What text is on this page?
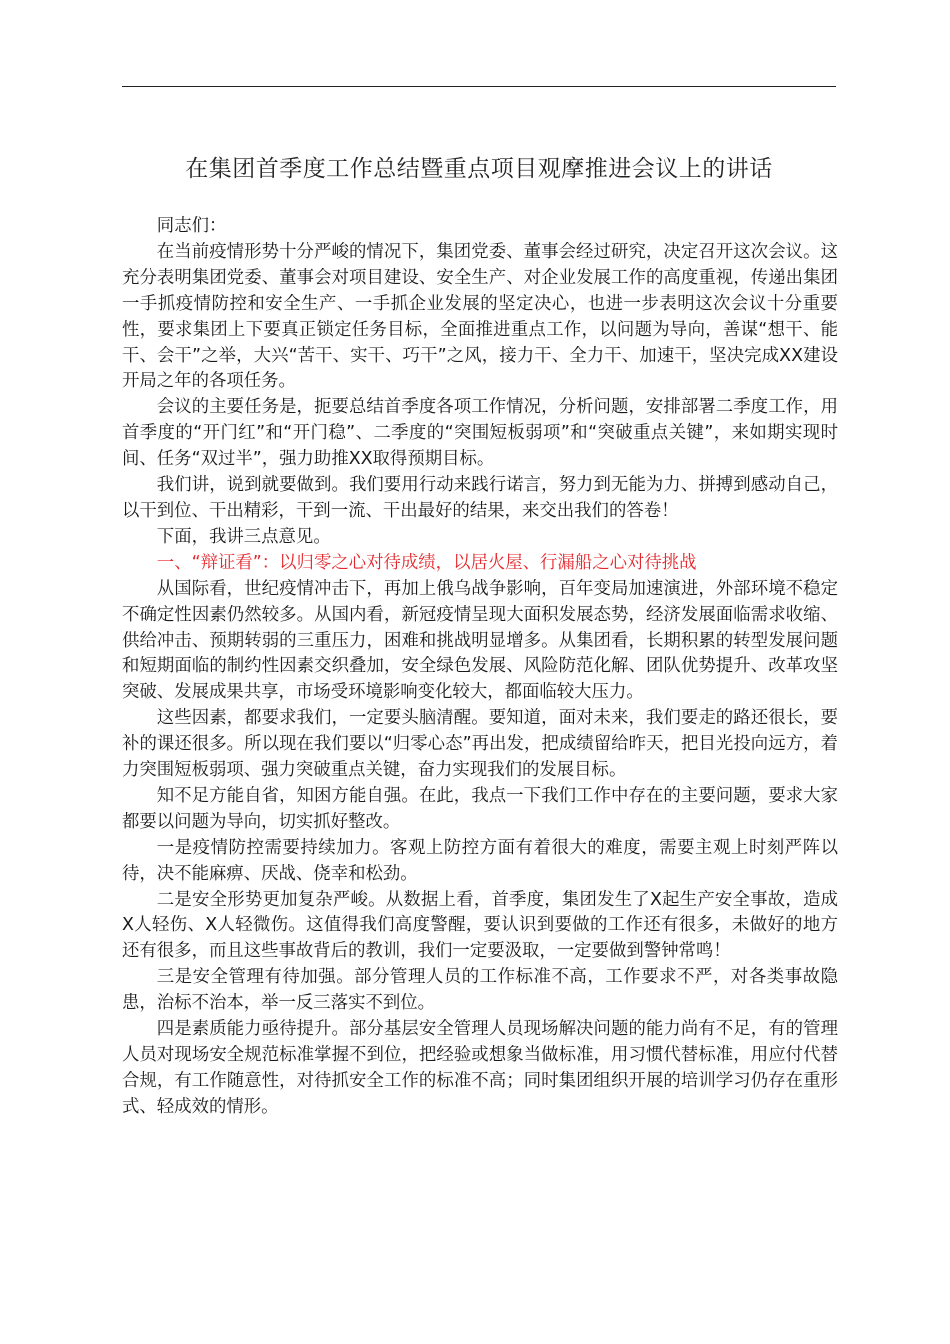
在集团首季度工作总结暨重点项目观摩推进会议上的讲话

同志们：

在当前疫情形势十分严峻的情况下，集团党委、董事会经过研究，决定召开这次会议。这充分表明集团党委、董事会对项目建设、安全生产、对企业发展工作的高度重视，传递出集团一手抓疫情防控和安全生产、一手抓企业发展的坚定决心，也进一步表明这次会议十分重要性，要求集团上下要真正锁定任务目标，全面推进重点工作，以问题为导向，善谋“想干、能干、会干”之举，大兴“苦干、实干、巧干”之风，接力干、全力干、加速干，坚决完成XX建设开局之年的各项任务。

会议的主要任务是，扼要总结首季度各项工作情况，分析问题，安排部署二季度工作，用首季度的“开门红”和“开门稳”、二季度的“突围短板弱项”和“突破重点关键”，来如期实现时间、任务“双过半”，强力助推XX取得预期目标。

我们讲，说到就要做到。我们要用行动来践行诺言，努力到无能为力、拼搏到感动自己，以干到位、干出精彩，干到一流、干出最好的结果，来交出我们的答卷！

下面，我讲三点意见。

一、“辩证看”：以归零之心对待成绩，以居火屋、行漏船之心对待挑战

从国际看，世纪疫情冲击下，再加上俄乌战争影响，百年变局加速演进，外部环境不稳定不确定性因素仍然较多。从国内看，新冠疫情呈现大面积发展态势，经济发展面临需求收缩、供给冲击、预期转弱的三重压力，困难和挑战明显增多。从集团看，长期积累的转型发展问题和短期面临的制约性因素交织叠加，安全绿色发展、风险防范化解、团队优势提升、改革攻坚突破、发展成果共享，市场受环境影响变化较大，都面临较大压力。

这些因素，都要求我们，一定要头脑清醒。要知道，面对未来，我们要走的路还很长，要补的课还很多。所以现在我们要以“归零心态”再出发，把成绩留给昨天，把目光投向远方，着力突围短板弱项、强力突破重点关键，奋力实现我们的发展目标。

知不足方能自省，知困方能自强。在此，我点一下我们工作中存在的主要问题，要求大家都要以问题为导向，切实抓好整改。

一是疫情防控需要持续加力。客观上防控方面有着很大的难度，需要主观上时刻严阵以待，决不能麻痹、厌战、侥幸和松劲。

二是安全形势更加复杂严峻。从数据上看，首季度，集团发生了X起生产安全事故，造成X人轻伤、X人轻微伤。这值得我们高度警醒，要认识到要做的工作还有很多，未做好的地方还有很多，而且这些事故背后的教训，我们一定要汲取，一定要做到警钟常鸣！

三是安全管理有待加强。部分管理人员的工作标准不高，工作要求不严，对各类事故隐患，治标不治本，举一反三落实不到位。

四是素质能力亟待提升。部分基层安全管理人员现场解决问题的能力尚有不足，有的管理人员对现场安全规范标准掌握不到位，把经验或想象当做标准，用习惯代替标准，用应付代替合规，有工作随意性，对待抓安全工作的标准不高；同时集团组织开展的培训学习仍存在重形式、轻成效的情形。
